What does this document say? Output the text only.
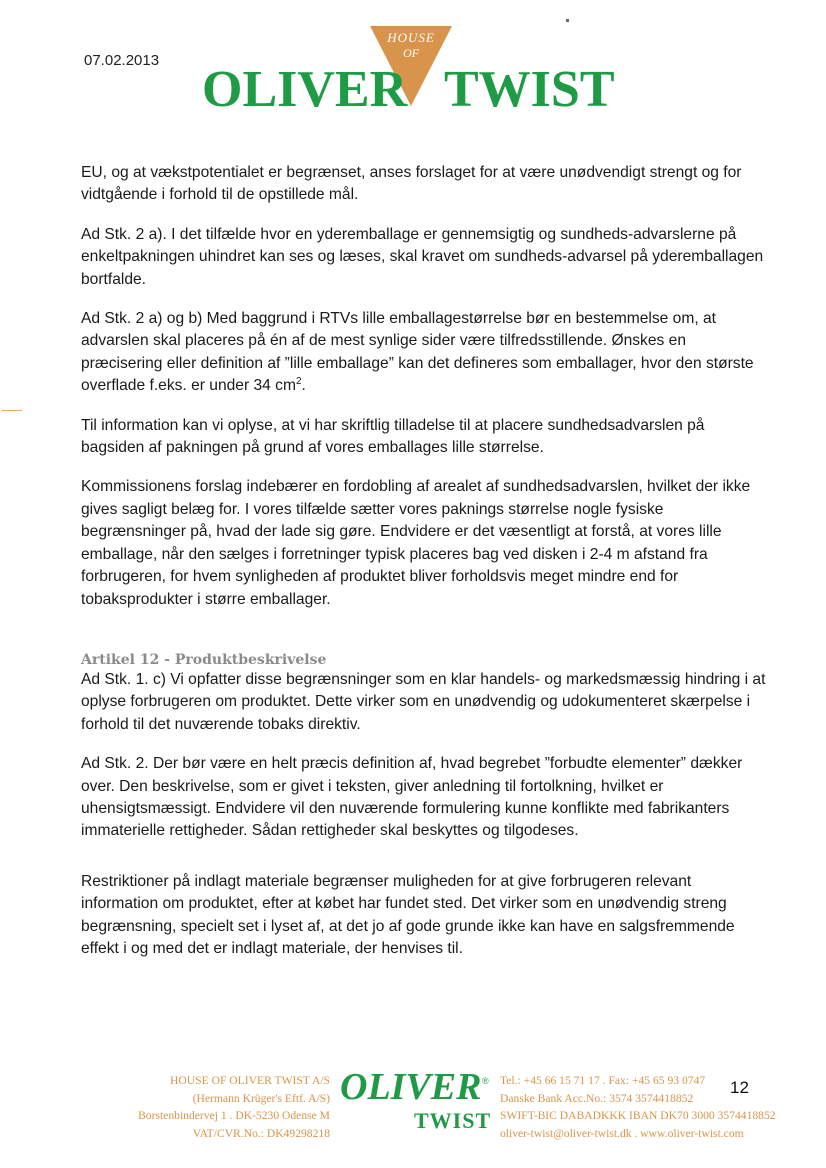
07.02.2013
HOUSE
OF
OLIVER TWIST

EU, og at vækstpotentialet er begrænset, anses forslaget for at være unødvendigt strengt og for vidtgående i forhold til de opstillede mål.

Ad Stk. 2 a). I det tilfælde hvor en yderemballage er gennemsigtig og sundheds-advarslerne på enkeltpakningen uhindret kan ses og læses, skal kravet om sundheds-advarsel på yderemballagen bortfalde.

Ad Stk. 2 a) og b) Med baggrund i RTVs lille emballagestørrelse bør en bestemmelse om, at advarslen skal placeres på én af de mest synlige sider være tilfredsstillende. Ønskes en præcisering eller definition af ”lille emballage” kan det defineres som emballager, hvor den største overflade f.eks. er under 34 $cm^2$.

Til information kan vi oplyse, at vi har skriftlig tilladelse til at placere sundhedsadvarslen på bagsiden af pakningen på grund af vores emballages lille størrelse.

Kommissionens forslag indebærer en fordobling af arealet af sundhedsadvarslen, hvilket der ikke gives sagligt belæg for. I vores tilfælde sætter vores paknings størrelse nogle fysiske begrænsninger på, hvad der lade sig gøre. Endvidere er det væsentligt at forstå, at vores lille emballage, når den sælges i forretninger typisk placeres bag ved disken i 2-4 m afstand fra forbrugeren, for hvem synligheden af produktet bliver forholdsvis meget mindre end for tobaksprodukter i større emballager.

Artikel 12 - Produktbeskrivelse

Ad Stk. 1. c) Vi opfatter disse begrænsninger som en klar handels- og markedsmæssig hindring i at oplyse forbrugeren om produktet. Dette virker som en unødvendig og udokumenteret skærpelse i forhold til det nuværende tobaks direktiv.

Ad Stk. 2. Der bør være en helt præcis definition af, hvad begrebet ”forbudte elementer” dækker over. Den beskrivelse, som er givet i teksten, giver anledning til fortolkning, hvilket er uhensigtsmæssigt. Endvidere vil den nuværende formulering kunne konflikte med fabrikanters immaterielle rettigheder. Sådan rettigheder skal beskyttes og tilgodeses.

Restriktioner på indlagt materiale begrænser muligheden for at give forbrugeren relevant information om produktet, efter at købet har fundet sted. Det virker som en unødvendig streng begrænsning, specielt set i lyset af, at det jo af gode grunde ikke kan have en salgsfremmende effekt i og med det er indlagt materiale, der henvises til.

HOUSE OF OLIVER TWIST A/S
(Hermann Krüger's Eftf. A/S)
Borstenbindervej 1 . DK-5230 Odense M
VAT/CVR.No.: DK49298218
OLIVER
TWIST
® Tel.: +45 66 15 71 17 . Fax: +45 65 93 0747
Danske Bank Acc.No.: 3574 3574418852
SWIFT-BIC DABADKKK IBAN DK70 3000 3574418852
oliver-twist@oliver-twist.dk . www.oliver-twist.com
12
